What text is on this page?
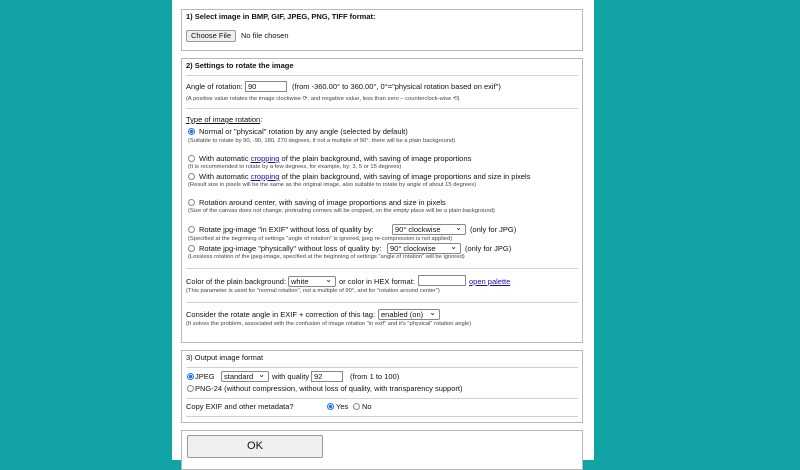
1) Select image in BMP, GIF, JPEG, PNG, TIFF format:
Choose File	No file chosen
2) Settings to rotate the image
Angle of rotation: 90	(from -360.00° to 360.00°, 0°="physical rotation based on exif")
(A positive value rotates the image clockwise ⟳, and negative value, less than zero – counterclock-wise ⟲)
Type of image rotation:
Normal or "physical" rotation by any angle (selected by default)
(Suitable to rotate by 90, -90, 180, 270 degrees, if not a multiple of 90°, there will be a plain background)
With automatic cropping of the plain background, with saving of image proportions
(It is recommended to rotate by a few degrees, for example, by: 3, 5 or 15 degrees)
With automatic cropping of the plain background, with saving of image proportions and size in pixels
(Result size in pixels will be the same as the original image, also suitable to rotate by angle of about 15 degrees)
Rotation around center, with saving of image proportions and size in pixels
(Size of the canvas does not change, protruding corners will be cropped, on the empty place will be a plain background)
Rotate jpg-image "in EXIF" without loss of quality by:	90° clockwise ⌄	(only for JPG)
(Specified at the beginning of settings "angle of rotation" is ignored, jpeg re-compression is not applied)
Rotate jpg-image "physically" without loss of quality by:	90° clockwise ⌄	(only for JPG)
(Lossless rotation of the jpeg-image, specified at the beginning of settings "angle of rotation" will be ignored)
Color of the plain background: white ⌄	or color in HEX format:	open palette
(This parameter is used for "normal rotation", not a multiple of 90°, and for "rotation around center")
Consider the rotate angle in EXIF + correction of this tag: enabled (on) ⌄
(It solves the problem, associated with the confusion of image rotation "in exif" and it's "physical" rotation angle)
3) Output image format
JPEG	standard ⌄	with quality 92	(from 1 to 100)
PNG-24 (without compression, without loss of quality, with transparency support)
Copy EXIF and other metadata?	Yes No
OK
